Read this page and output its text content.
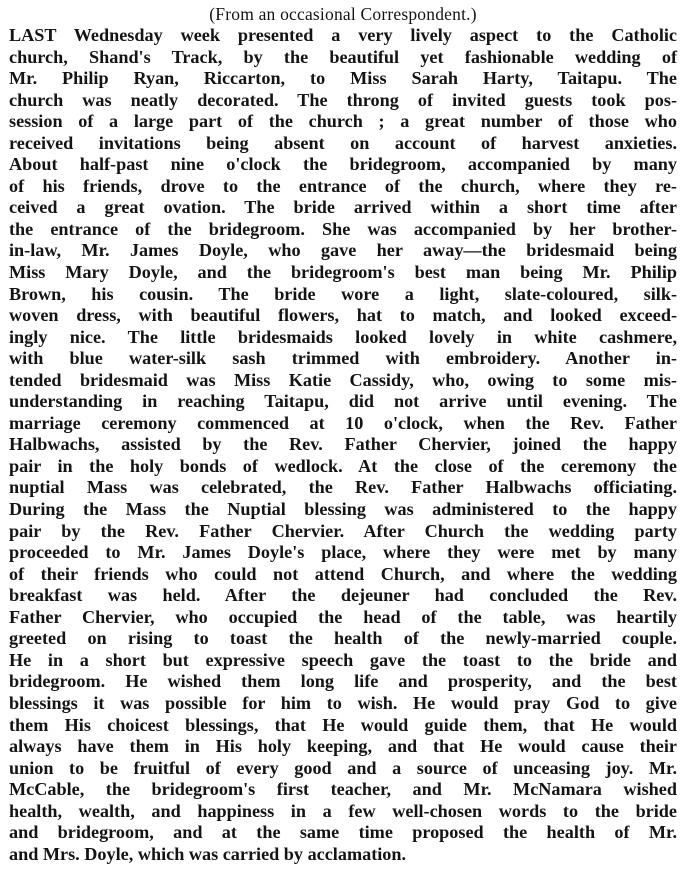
(From an occasional Correspondent.)
LAST Wednesday week presented a very lively aspect to the Catholic
church, Shand's Track, by the beautiful yet fashionable wedding of
Mr. Philip Ryan, Riccarton, to Miss Sarah Harty, Taitapu. The
church was neatly decorated. The throng of invited guests took pos-
session of a large part of the church ; a great number of those who
received invitations being absent on account of harvest anxieties.
About half-past nine o'clock the bridegroom, accompanied by many
of his friends, drove to the entrance of the church, where they re-
ceived a great ovation. The bride arrived within a short time after
the entrance of the bridegroom. She was accompanied by her brother-
in-law, Mr. James Doyle, who gave her away—the bridesmaid being
Miss Mary Doyle, and the bridegroom's best man being Mr. Philip
Brown, his cousin. The bride wore a light, slate-coloured, silk-
woven dress, with beautiful flowers, hat to match, and looked exceed-
ingly nice. The little bridesmaids looked lovely in white cashmere,
with blue water-silk sash trimmed with embroidery. Another in-
tended bridesmaid was Miss Katie Cassidy, who, owing to some mis-
understanding in reaching Taitapu, did not arrive until evening. The
marriage ceremony commenced at 10 o'clock, when the Rev. Father
Halbwachs, assisted by the Rev. Father Chervier, joined the happy
pair in the holy bonds of wedlock. At the close of the ceremony the
nuptial Mass was celebrated, the Rev. Father Halbwachs officiating.
During the Mass the Nuptial blessing was administered to the happy
pair by the Rev. Father Chervier. After Church the wedding party
proceeded to Mr. James Doyle's place, where they were met by many
of their friends who could not attend Church, and where the wedding
breakfast was held. After the dejeuner had concluded the Rev.
Father Chervier, who occupied the head of the table, was heartily
greeted on rising to toast the health of the newly-married couple.
He in a short but expressive speech gave the toast to the bride and
bridegroom. He wished them long life and prosperity, and the best
blessings it was possible for him to wish. He would pray God to give
them His choicest blessings, that He would guide them, that He would
always have them in His holy keeping, and that He would cause their
union to be fruitful of every good and a source of unceasing joy. Mr.
McCable, the bridegroom's first teacher, and Mr. McNamara wished
health, wealth, and happiness in a few well-chosen words to the bride
and bridegroom, and at the same time proposed the health of Mr.
and Mrs. Doyle, which was carried by acclamation.
